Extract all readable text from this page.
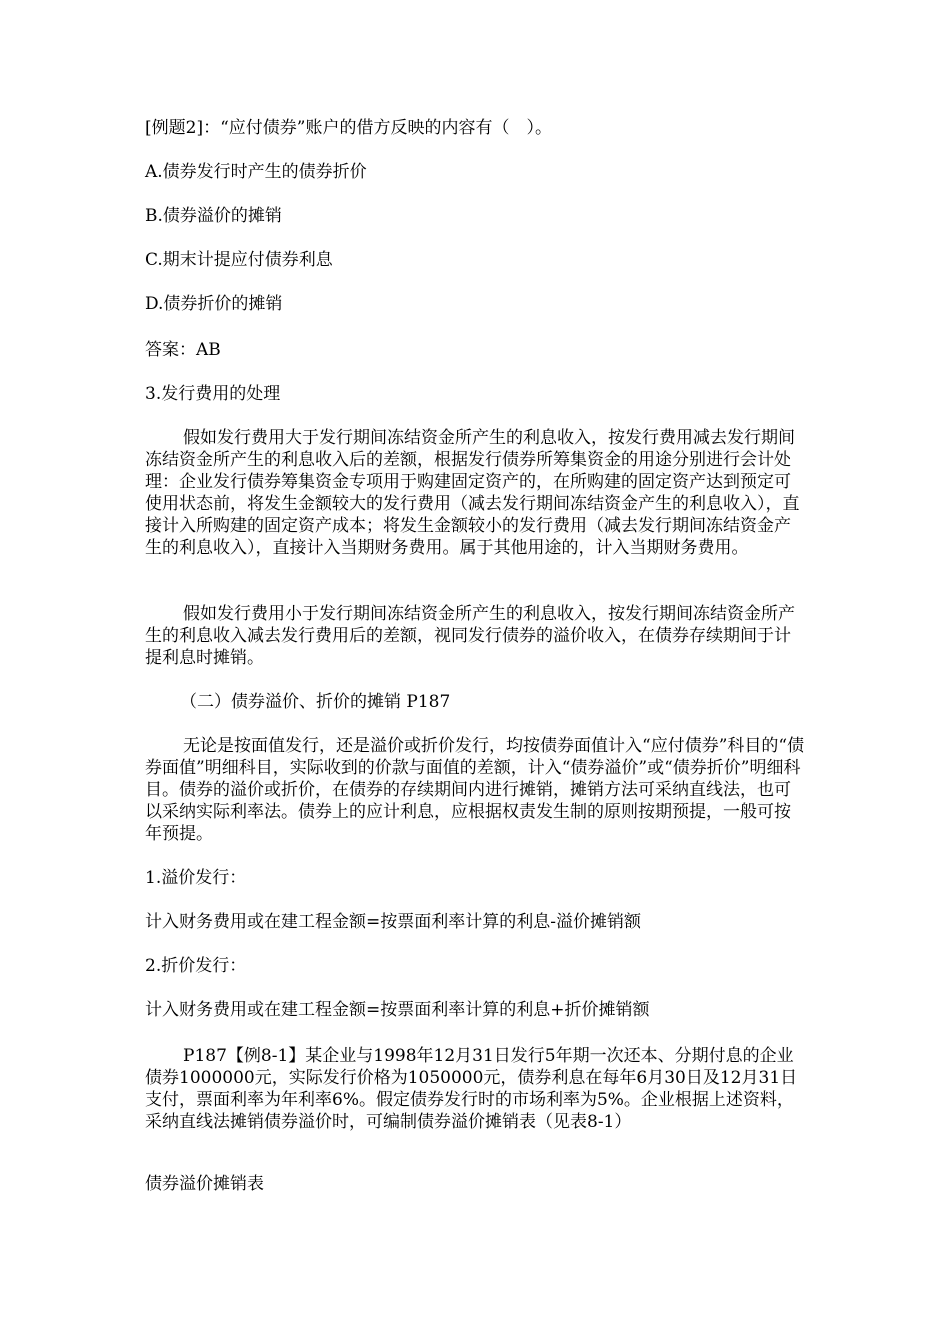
[例题2]：“应付债券”账户的借方反映的内容有（　）。

A.债券发行时产生的债券折价

B.债券溢价的摊销

C.期末计提应付债券利息

D.债券折价的摊销

答案：AB

3.发行费用的处理

假如发行费用大于发行期间冻结资金所产生的利息收入，按发行费用减去发行期间冻结资金所产生的利息收入后的差额，根据发行债券所筹集资金的用途分别进行会计处理：企业发行债券筹集资金专项用于购建固定资产的，在所购建的固定资产达到预定可使用状态前，将发生金额较大的发行费用（减去发行期间冻结资金产生的利息收入），直接计入所购建的固定资产成本；将发生金额较小的发行费用（减去发行期间冻结资金产生的利息收入），直接计入当期财务费用。属于其他用途的，计入当期财务费用。

假如发行费用小于发行期间冻结资金所产生的利息收入，按发行期间冻结资金所产生的利息收入减去发行费用后的差额，视同发行债券的溢价收入，在债券存续期间于计提利息时摊销。

（二）债券溢价、折价的摊销 P187

无论是按面值发行，还是溢价或折价发行，均按债券面值计入“应付债券”科目的“债券面值”明细科目，实际收到的价款与面值的差额，计入“债券溢价”或“债券折价”明细科目。债券的溢价或折价，在债券的存续期间内进行摊销，摊销方法可采纳直线法，也可以采纳实际利率法。债券上的应计利息，应根据权责发生制的原则按期预提，一般可按年预提。

1.溢价发行：

计入财务费用或在建工程金额=按票面利率计算的利息-溢价摊销额

2.折价发行：

计入财务费用或在建工程金额=按票面利率计算的利息+折价摊销额

P187【例8-1】某企业与1998年12月31日发行5年期一次还本、分期付息的企业债券1000000元，实际发行价格为1050000元，债券利息在每年6月30日及12月31日支付，票面利率为年利率6%。假定债券发行时的市场利率为5%。企业根据上述资料，采纳直线法摊销债券溢价时，可编制债券溢价摊销表（见表8-1）

债券溢价摊销表
